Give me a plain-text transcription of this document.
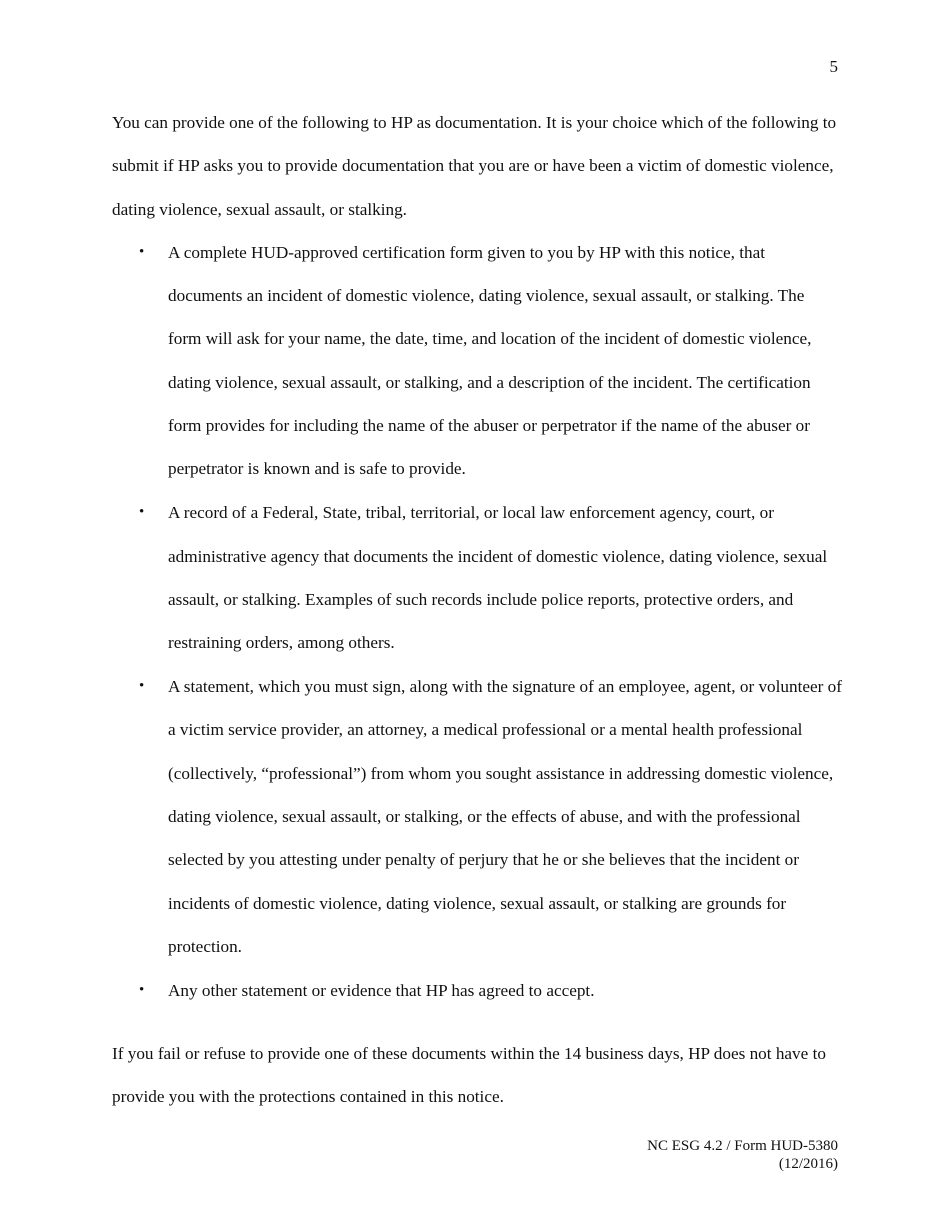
5

You can provide one of the following to HP as documentation. It is your choice which of the following to submit if HP asks you to provide documentation that you are or have been a victim of domestic violence, dating violence, sexual assault, or stalking.

• A complete HUD-approved certification form given to you by HP with this notice, that documents an incident of domestic violence, dating violence, sexual assault, or stalking. The form will ask for your name, the date, time, and location of the incident of domestic violence, dating violence, sexual assault, or stalking, and a description of the incident. The certification form provides for including the name of the abuser or perpetrator if the name of the abuser or perpetrator is known and is safe to provide.
• A record of a Federal, State, tribal, territorial, or local law enforcement agency, court, or administrative agency that documents the incident of domestic violence, dating violence, sexual assault, or stalking. Examples of such records include police reports, protective orders, and restraining orders, among others.
• A statement, which you must sign, along with the signature of an employee, agent, or volunteer of a victim service provider, an attorney, a medical professional or a mental health professional (collectively, “professional”) from whom you sought assistance in addressing domestic violence, dating violence, sexual assault, or stalking, or the effects of abuse, and with the professional selected by you attesting under penalty of perjury that he or she believes that the incident or incidents of domestic violence, dating violence, sexual assault, or stalking are grounds for protection.
• Any other statement or evidence that HP has agreed to accept.

If you fail or refuse to provide one of these documents within the 14 business days, HP does not have to provide you with the protections contained in this notice.

NC ESG 4.2 / Form HUD-5380
(12/2016)
